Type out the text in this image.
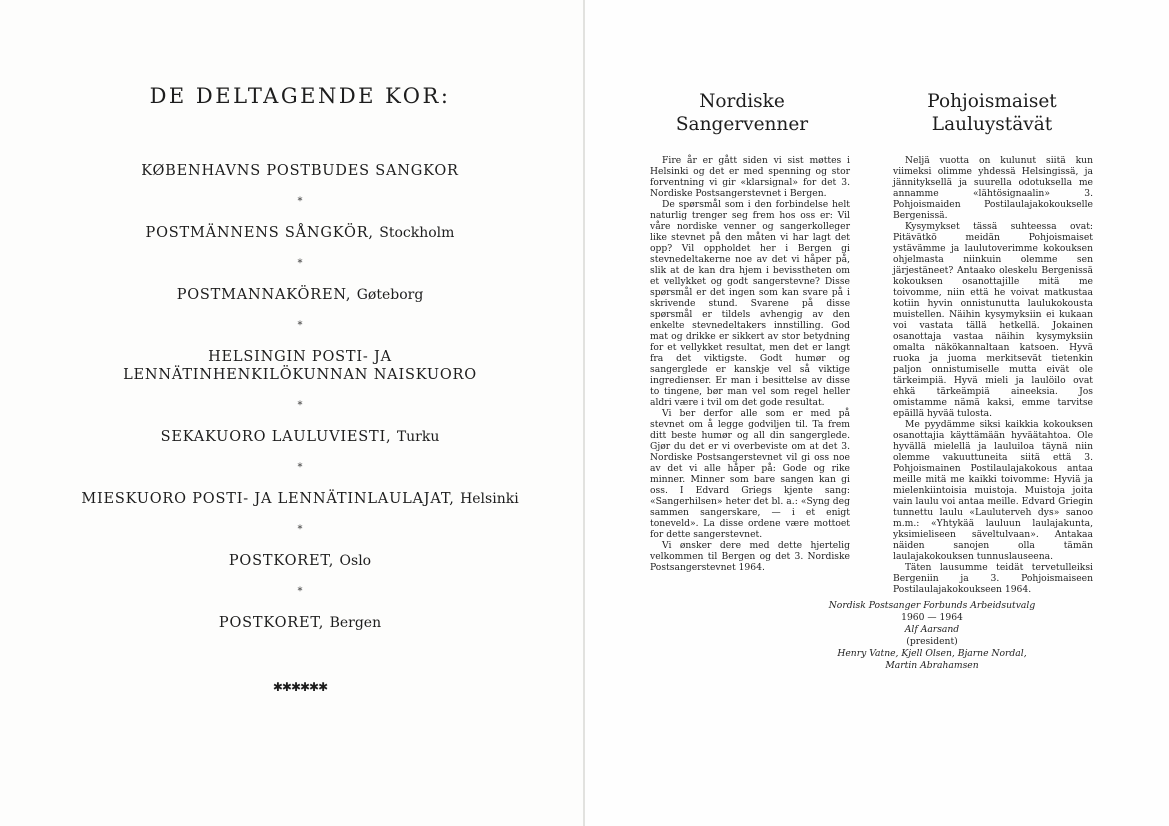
DE DELTAGENDE KOR:
KØBENHAVNS POSTBUDES SANGKOR
*
POSTMÄNNENS SÅNGKÖR, Stockholm
*
POSTMANNAKÖREN, Gøteborg
*
HELSINGIN POSTI- JA LENNÄTINHENKILÖKUNNAN NAISKUORO
*
SEKAKUORO LAULUVIESTI, Turku
*
MIESKUORO POSTI- JA LENNÄTINLAULAJAT, Helsinki
*
POSTKORET, Oslo
*
POSTKORET, Bergen
✱✱✱✱✱✱
Nordiske
Sangervenner
Pohjoismaiset
Lauluystävät

Fire år er gått siden vi sist møttes i Helsinki og det er med spenning og stor forventning vi gir «klarsignal» for det 3. Nordiske Postsangerstevnet i Bergen.

De spørsmål som i den forbindelse helt naturlig trenger seg frem hos oss er: Vil våre nordiske venner og sangerkolleger like stevnet på den måten vi har lagt det opp? Vil oppholdet her i Bergen gi stevnedeltakerne noe av det vi håper på, slik at de kan dra hjem i bevisstheten om et vellykket og godt sangerstevne? Disse spørsmål er det ingen som kan svare på i skrivende stund. Svarene på disse spørsmål er tildels avhengig av den enkelte stevnedeltakers innstilling. God mat og drikke er sikkert av stor betydning for et vellykket resultat, men det er langt fra det viktigste. Godt humør og sangerglede er kanskje vel så viktige ingredienser. Er man i besittelse av disse to tingene, bør man vel som regel heller aldri være i tvil om det gode resultat.

Vi ber derfor alle som er med på stevnet om å legge godviljen til. Ta frem ditt beste humør og all din sangerglede. Gjør du det er vi overbeviste om at det 3. Nordiske Postsangerstevnet vil gi oss noe av det vi alle håper på: Gode og rike minner. Minner som bare sangen kan gi oss. I Edvard Griegs kjente sang: «Sangerhilsen» heter det bl. a.: «Syng deg sammen sangerskare, — i et enigt toneveld». La disse ordene være mottoet for dette sangerstevnet.

Vi ønsker dere med dette hjertelig velkommen til Bergen og det 3. Nordiske Postsangerstevnet 1964.

Neljä vuotta on kulunut siitä kun viimeksi olimme yhdessä Helsingissä, ja jännityksellä ja suurella odotuksella me annamme «lähtösignaalin» 3. Pohjoismaiden Postilaulajakokoukselle Bergenissä.

Kysymykset tässä suhteessa ovat: Pitävätkö meidän Pohjoismaiset ystävämme ja laulutoverimme kokouksen ohjelmasta niinkuin olemme sen järjestäneet? Antaako oleskelu Bergenissä kokouksen osanottajille mitä me toivomme, niin että he voivat matkustaa kotiin hyvin onnistunutta laulukokousta muistellen. Näihin kysymyksiin ei kukaan voi vastata tällä hetkellä. Jokainen osanottaja vastaa näihin kysymyksiin omalta näkökannaltaan katsoen. Hyvä ruoka ja juoma merkitsevät tietenkin paljon onnistumiselle mutta eivät ole tärkeimpiä. Hyvä mieli ja laulöilo ovat ehkä tärkeämpiä aineeksia. Jos omistamme nämä kaksi, emme tarvitse epäillä hyvää tulosta.

Me pyydämme siksi kaikkia kokouksen osanottajia käyttämään hyväätahtoa. Ole hyvällä mielellä ja lauluiloa täynä niin olemme vakuuttuneita siitä että 3. Pohjoismainen Postilaulajakokous antaa meille mitä me kaikki toivomme: Hyviä ja mielenkiintoisia muistoja. Muistoja joita vain laulu voi antaa meille. Edvard Griegin tunnettu laulu «Lauluterveh dys» sanoo m.m.: «Yhtykää lauluun laulajakunta, yksimieliseen säveltulvaan». Antakaa näiden sanojen olla tämän laulajakokouksen tunnuslauseena.

Täten lausumme teidät tervetulleiksi Bergeniin ja 3. Pohjoismaiseen Postilaulajakokoukseen 1964.

Nordisk Postsanger Forbunds Arbeidsutvalg
1960 — 1964
Alf Aarsand
(president)
Henry Vatne, Kjell Olsen, Bjarne Nordal,
Martin Abrahamsen
